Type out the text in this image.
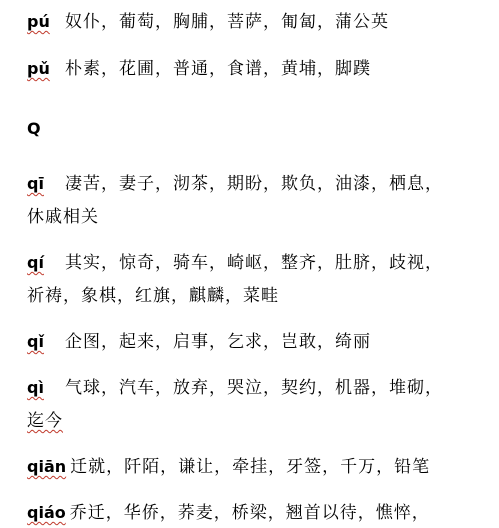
pú 奴仆，葡萄，胸脯，菩萨，匍匐，蒲公英
pǔ 朴素，花圃，普通，食谱，黄埔，脚蹼
Q
qī 凄苦，妻子，沏茶，期盼，欺负，油漆，栖息，
休戚相关
qí 其实，惊奇，骑车，崎岖，整齐，肚脐，歧视，
祈祷，象棋，红旗，麒麟，菜畦
qǐ 企图，起来，启事，乞求，岂敢，绮丽
qì 气球，汽车，放弃，哭泣，契约，机器，堆砌，
迄今
qiān 迁就，阡陌，谦让，牵挂，牙签，千万，铅笔
qiáo 乔迁，华侨，荞麦，桥梁，翘首以待，憔悴，
